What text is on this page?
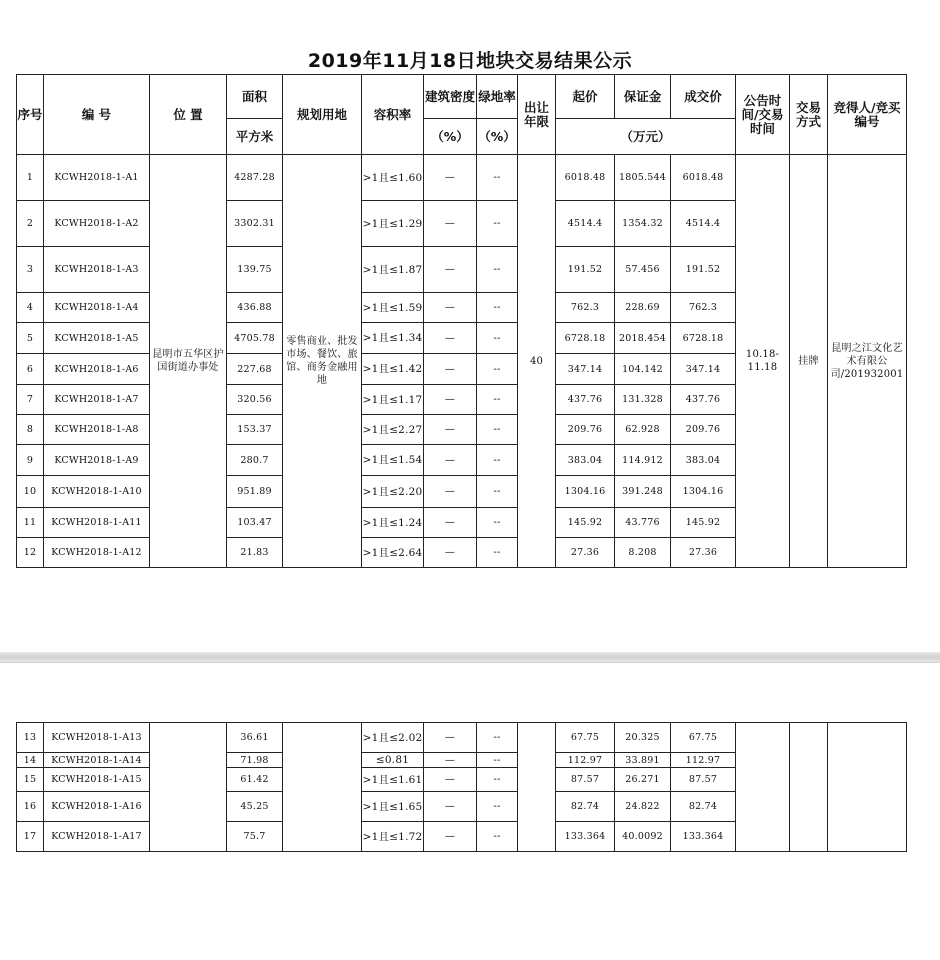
2019年11月18日地块交易结果公示
序号	编 号	位 置	面积	规划用地	容积率	建筑密度	绿地率	出让年限	起价	保证金	成交价	公告时间/交易时间	交易方式	竞得人/竞买编号
			平方米			（%）	（%）		（万元）					
1	KCWH2018-1-A1	昆明市五华区护国街道办事处	4287.28	零售商业、批发市场、餐饮、旅馆、商务金融用地	>1且≤1.60	—	--	40	6018.48	1805.544	6018.48	10.18-11.18	挂牌	昆明之江文化艺术有限公司/201932001
2	KCWH2018-1-A2		3302.31		>1且≤1.29	—	--		4514.4	1354.32	4514.4			
3	KCWH2018-1-A3		139.75		>1且≤1.87	—	--		191.52	57.456	191.52			
4	KCWH2018-1-A4		436.88		>1且≤1.59	—	--		762.3	228.69	762.3			
5	KCWH2018-1-A5		4705.78		>1且≤1.34	—	--		6728.18	2018.454	6728.18			
6	KCWH2018-1-A6		227.68		>1且≤1.42	—	--		347.14	104.142	347.14			
7	KCWH2018-1-A7		320.56		>1且≤1.17	—	--		437.76	131.328	437.76			
8	KCWH2018-1-A8		153.37		>1且≤2.27	—	--		209.76	62.928	209.76			
9	KCWH2018-1-A9		280.7		>1且≤1.54	—	--		383.04	114.912	383.04			
10	KCWH2018-1-A10		951.89		>1且≤2.20	—	--		1304.16	391.248	1304.16			
11	KCWH2018-1-A11		103.47		>1且≤1.24	—	--		145.92	43.776	145.92			
12	KCWH2018-1-A12		21.83		>1且≤2.64	—	--		27.36	8.208	27.36			
13	KCWH2018-1-A13		36.61		>1且≤2.02	—	--		67.75	20.325	67.75			
14	KCWH2018-1-A14		71.98		≤0.81	—	--		112.97	33.891	112.97			
15	KCWH2018-1-A15		61.42		>1且≤1.61	—	--		87.57	26.271	87.57			
16	KCWH2018-1-A16		45.25		>1且≤1.65	—	--		82.74	24.822	82.74			
17	KCWH2018-1-A17		75.7		>1且≤1.72	—	--		133.364	40.0092	133.364			
